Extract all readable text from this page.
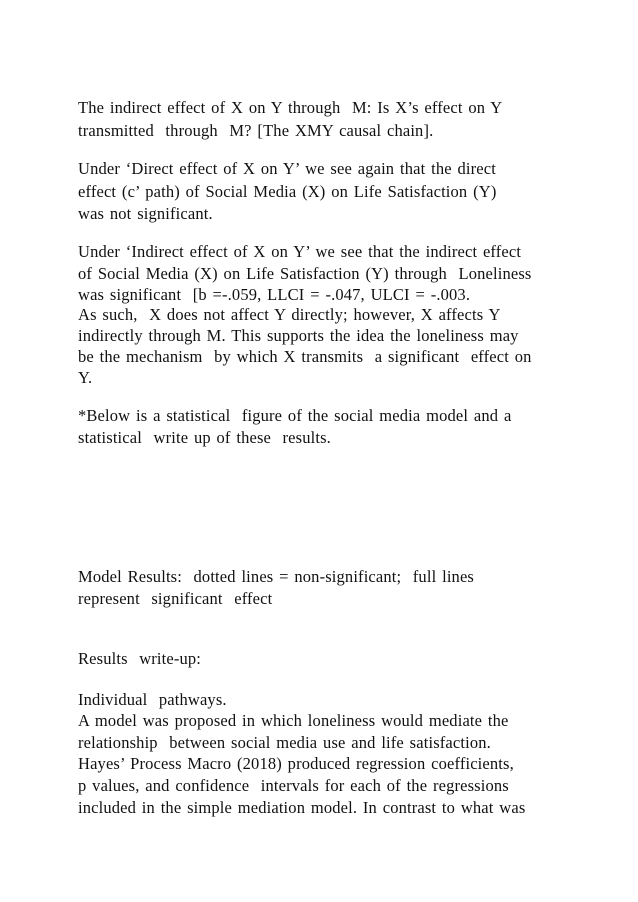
The indirect effect of X on Y through  M: Is X’s effect on Y
transmitted  through  M? [The XMY causal chain].
Under ‘Direct effect of X on Y’ we see again that the direct
effect (c’ path) of Social Media (X) on Life Satisfaction (Y)
was not significant.
Under ‘Indirect effect of X on Y’ we see that the indirect effect
of Social Media (X) on Life Satisfaction (Y) through  Loneliness
was significant  [b =-.059, LLCI = -.047, ULCI = -.003.
As such,  X does not affect Y directly; however, X affects Y
indirectly through M. This supports the idea the loneliness may
be the mechanism  by which X transmits  a significant  effect on
Y.
*Below is a statistical  figure of the social media model and a
statistical  write up of these  results.
Model Results:  dotted lines = non-significant;  full lines
represent  significant  effect
Results  write-up:
Individual  pathways.
A model was proposed in which loneliness would mediate the
relationship  between social media use and life satisfaction.
Hayes’ Process Macro (2018) produced regression coefficients,
p values, and confidence  intervals for each of the regressions
included in the simple mediation model. In contrast to what was
